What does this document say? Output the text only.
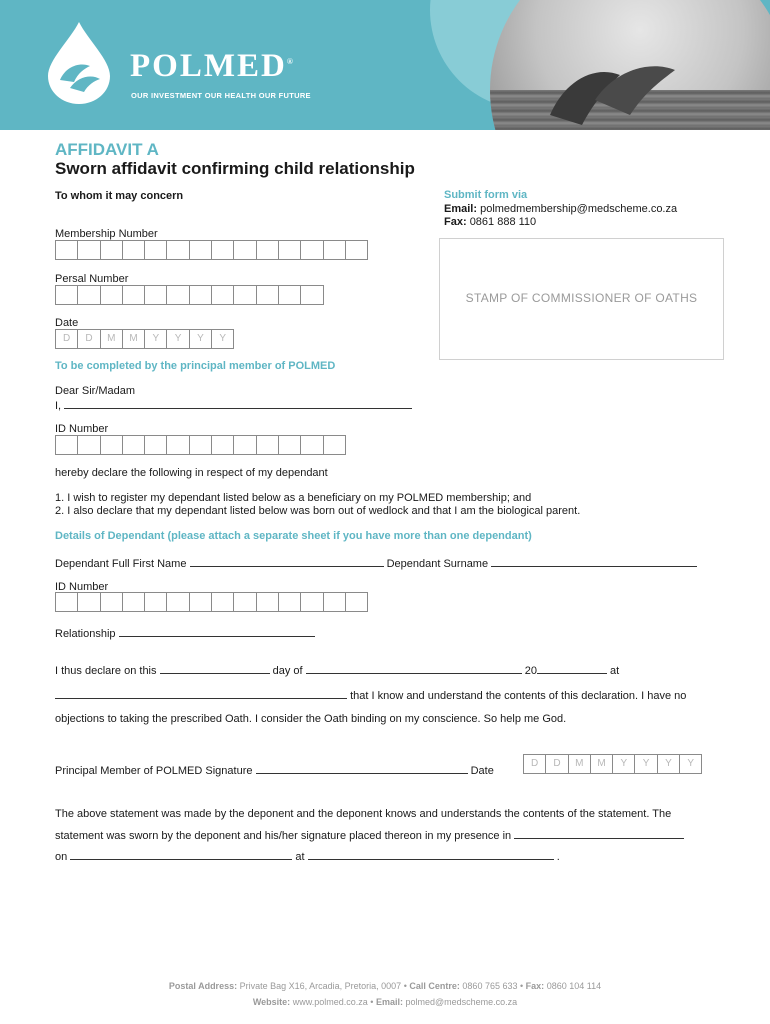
POLMED®
OUR INVESTMENT OUR HEALTH OUR FUTURE
AFFIDAVIT A
Sworn affidavit confirming child relationship
To whom it may concern	Submit form via
Email: polmedmembership@medscheme.co.za
Fax: 0861 888 110
STAMP OF COMMISSIONER OF OATHS
Membership Number
Persal Number
Date
D	D	M	M	Y	Y	Y	Y
To be completed by the principal member of POLMED
Dear Sir/Madam
I,
ID Number
hereby declare the following in respect of my dependant
1. I wish to register my dependant listed below as a beneficiary on my POLMED membership; and
2. I also declare that my dependant listed below was born out of wedlock and that I am the biological parent.
Details of Dependant (please attach a separate sheet if you have more than one dependant)
Dependant Full First Name	Dependant Surname
ID Number
Relationship
I thus declare on this	day of	20	at
that I know and understand the contents of this declaration. I have no
objections to taking the prescribed Oath. I consider the Oath binding on my conscience. So help me God.
Principal Member of POLMED Signature	Date
D	D	M	M	Y	Y	Y	Y
The above statement was made by the deponent and the deponent knows and understands the contents of the statement. The
statement was sworn by the deponent and his/her signature placed thereon in my presence in
on	at	.
Postal Address: Private Bag X16, Arcadia, Pretoria, 0007 • Call Centre: 0860 765 633 • Fax: 0860 104 114
Website: www.polmed.co.za • Email: polmed@medscheme.co.za
